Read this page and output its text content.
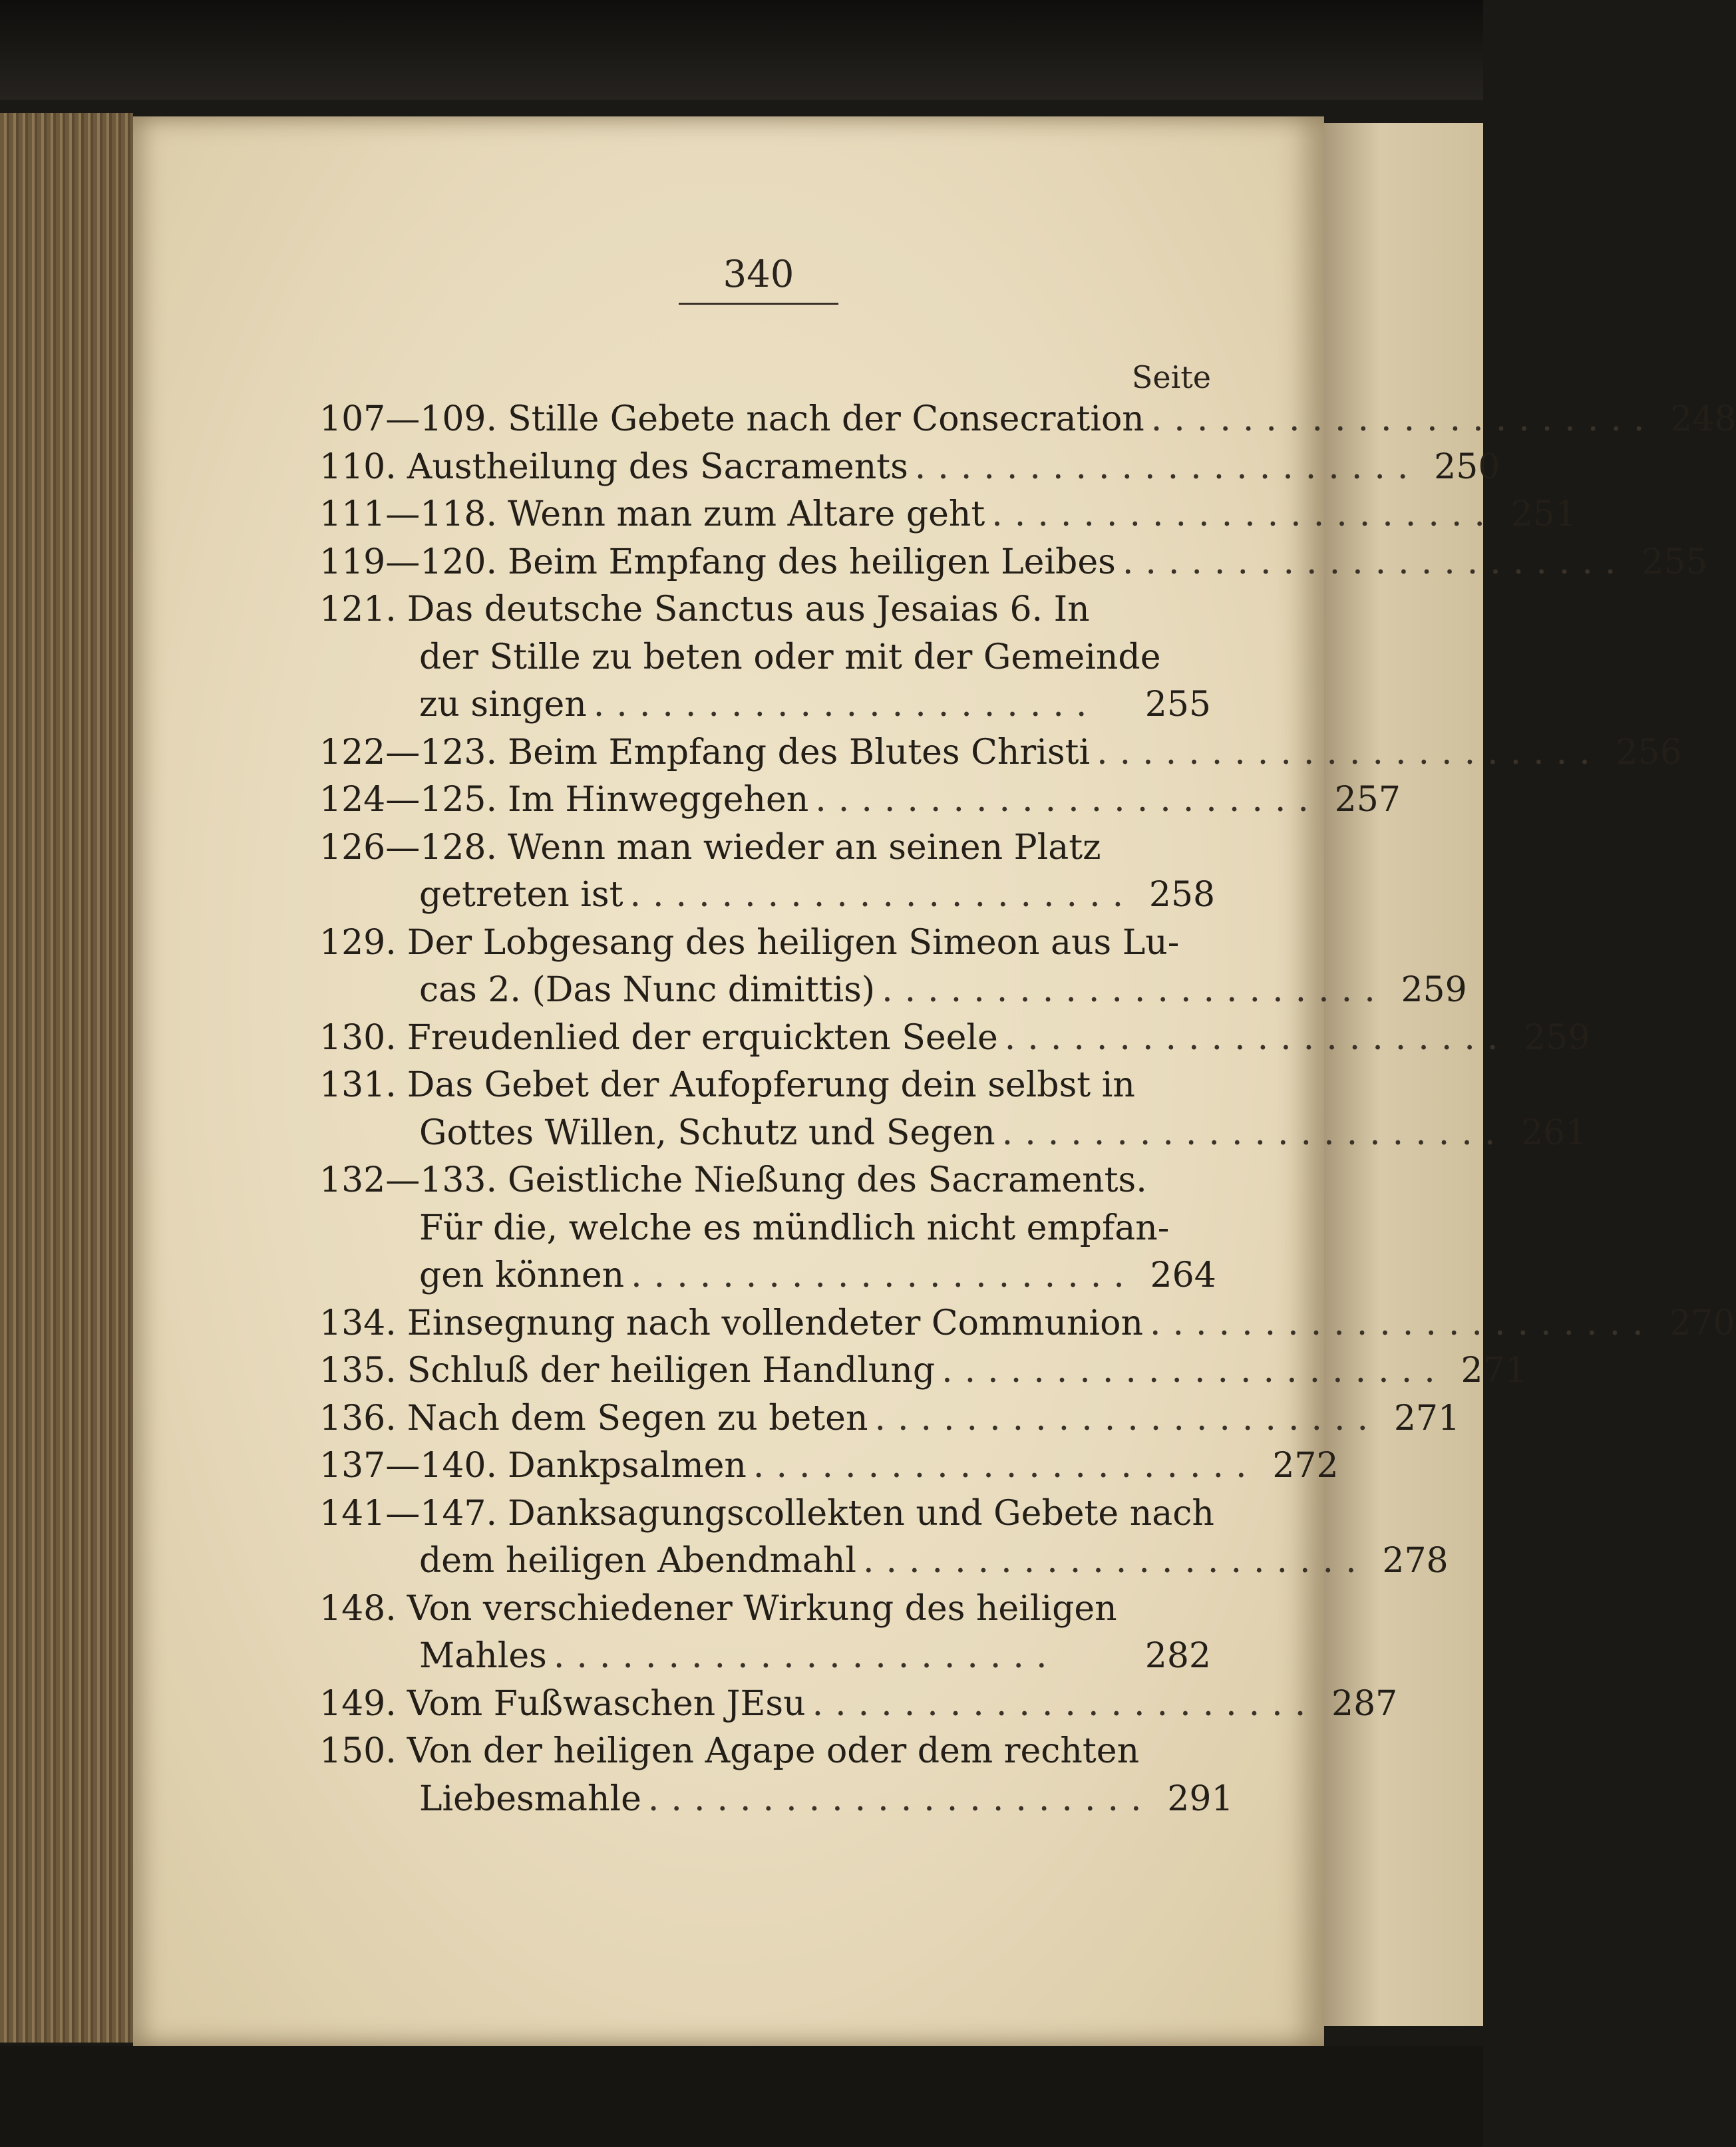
340
Seite
107—109. Stille Gebete nach der Consecration ...................... 248
110. Austheilung des Sacraments ...................... 250
111—118. Wenn man zum Altare geht ...................... 251
119—120. Beim Empfang des heiligen Leibes ...................... 255
121. Das deutsche Sanctus aus Jesaias 6. In
der Stille zu beten oder mit der Gemeinde
zu singen ......................	255
122—123. Beim Empfang des Blutes Christi ...................... 256
124—125. Im Hinweggehen ...................... 257
126—128. Wenn man wieder an seinen Platz
getreten ist ...................... 258
129. Der Lobgesang des heiligen Simeon aus Lu-
cas 2. (Das Nunc dimittis) ...................... 259
130. Freudenlied der erquickten Seele ...................... 259
131. Das Gebet der Aufopferung dein selbst in
Gottes Willen, Schutz und Segen ...................... 261
132—133. Geistliche Nießung des Sacraments.
Für die, welche es mündlich nicht empfan-
gen können ...................... 264
134. Einsegnung nach vollendeter Communion ...................... 270
135. Schluß der heiligen Handlung ...................... 271
136. Nach dem Segen zu beten ...................... 271
137—140. Dankpsalmen ...................... 272
141—147. Danksagungscollekten und Gebete nach
dem heiligen Abendmahl ...................... 278
148. Von verschiedener Wirkung des heiligen
Mahles ......................	282
149. Vom Fußwaschen JEsu ...................... 287
150. Von der heiligen Agape oder dem rechten
Liebesmahle ...................... 291
